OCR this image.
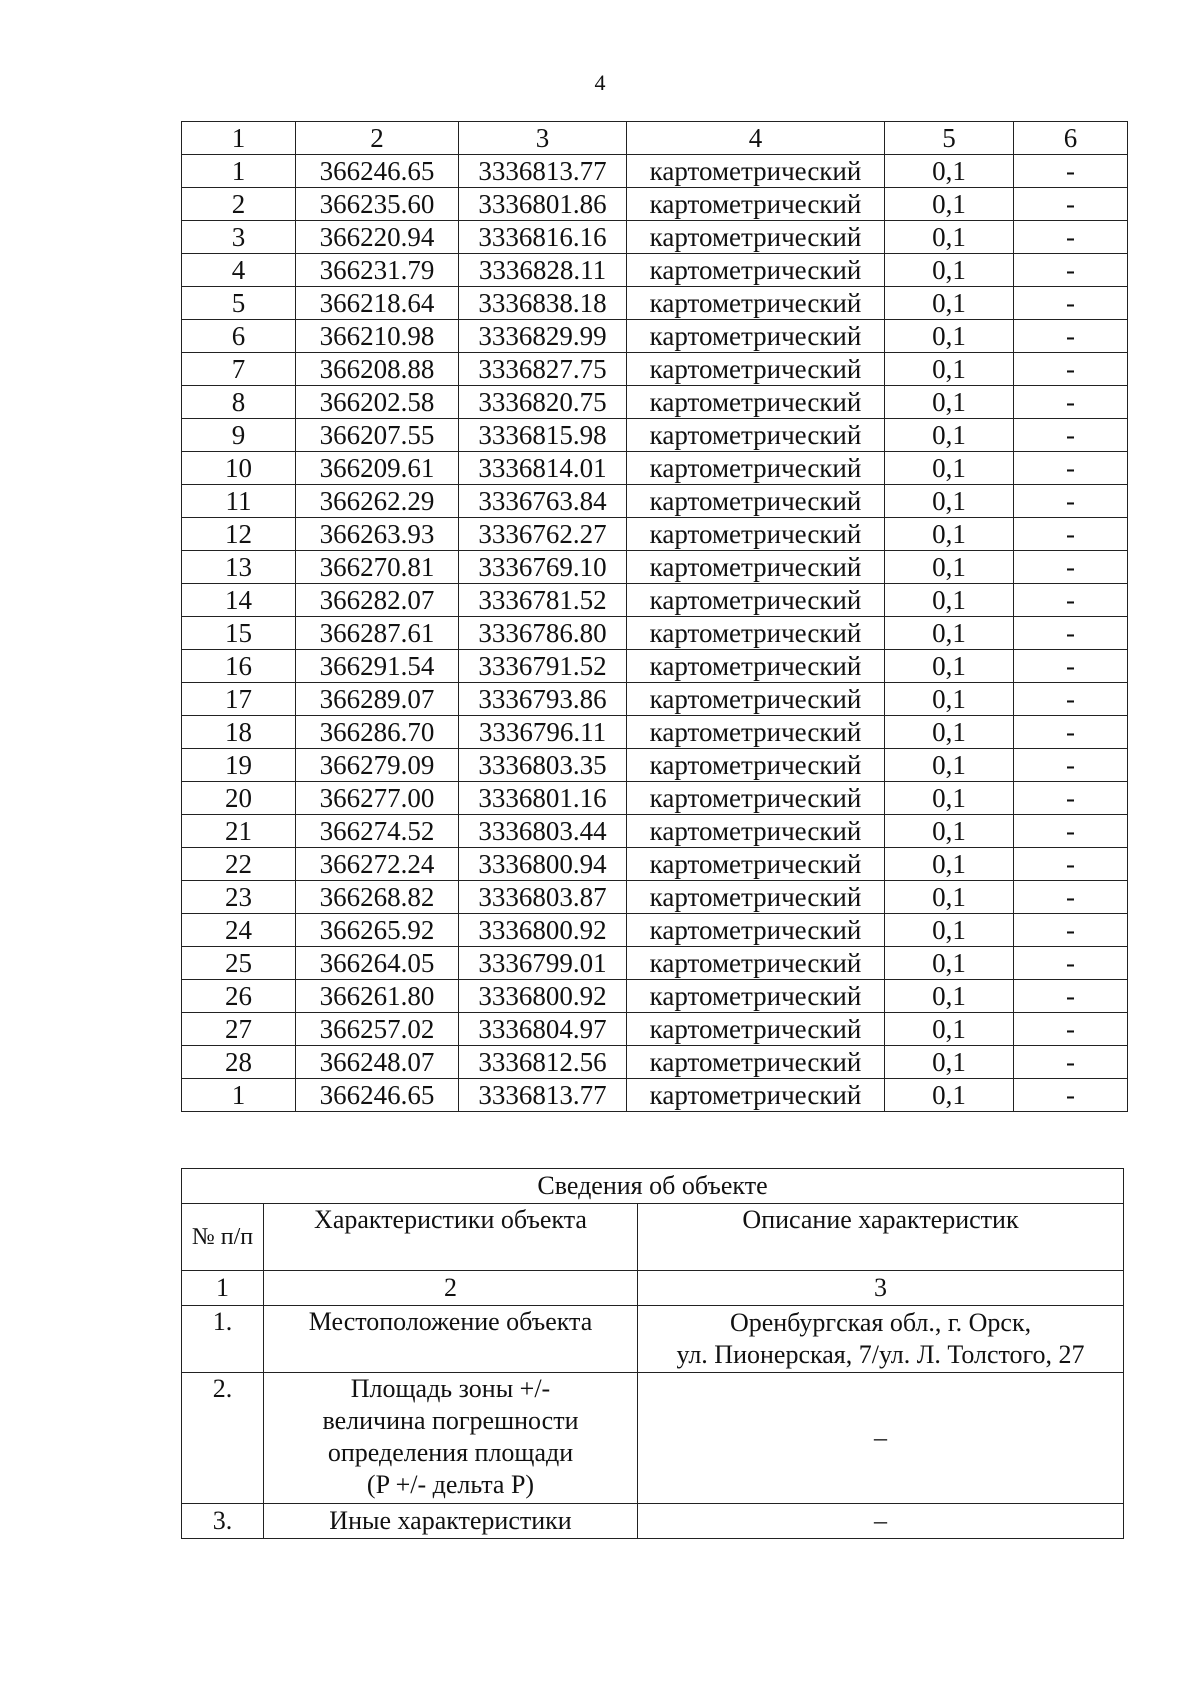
4
1	2	3	4	5	6
1	366246.65	3336813.77	картометрический	0,1	-
2	366235.60	3336801.86	картометрический	0,1	-
3	366220.94	3336816.16	картометрический	0,1	-
4	366231.79	3336828.11	картометрический	0,1	-
5	366218.64	3336838.18	картометрический	0,1	-
6	366210.98	3336829.99	картометрический	0,1	-
7	366208.88	3336827.75	картометрический	0,1	-
8	366202.58	3336820.75	картометрический	0,1	-
9	366207.55	3336815.98	картометрический	0,1	-
10	366209.61	3336814.01	картометрический	0,1	-
11	366262.29	3336763.84	картометрический	0,1	-
12	366263.93	3336762.27	картометрический	0,1	-
13	366270.81	3336769.10	картометрический	0,1	-
14	366282.07	3336781.52	картометрический	0,1	-
15	366287.61	3336786.80	картометрический	0,1	-
16	366291.54	3336791.52	картометрический	0,1	-
17	366289.07	3336793.86	картометрический	0,1	-
18	366286.70	3336796.11	картометрический	0,1	-
19	366279.09	3336803.35	картометрический	0,1	-
20	366277.00	3336801.16	картометрический	0,1	-
21	366274.52	3336803.44	картометрический	0,1	-
22	366272.24	3336800.94	картометрический	0,1	-
23	366268.82	3336803.87	картометрический	0,1	-
24	366265.92	3336800.92	картометрический	0,1	-
25	366264.05	3336799.01	картометрический	0,1	-
26	366261.80	3336800.92	картометрический	0,1	-
27	366257.02	3336804.97	картометрический	0,1	-
28	366248.07	3336812.56	картометрический	0,1	-
1	366246.65	3336813.77	картометрический	0,1	-
Сведения об объекте		
№ п/п	Характеристики объекта	Описание характеристик
1	2	3
1.	Местоположение объекта	Оренбургская обл., г. Орск,
ул. Пионерская, 7/ул. Л. Толстого, 27

2.	Площадь зоны +/-
величина погрешности
определения площади
(P +/- дельта P)	–
3.	Иные характеристики	–
